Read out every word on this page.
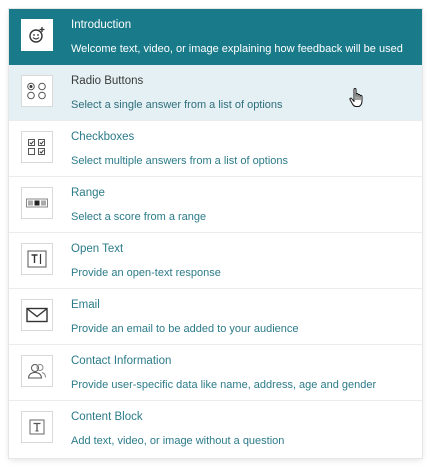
Introduction
Welcome text, video, or image explaining how feedback will be used
Radio Buttons
Select a single answer from a list of options
Checkboxes
Select multiple answers from a list of options
Range
Select a score from a range
Open Text
Provide an open-text response
Email
Provide an email to be added to your audience
Contact Information
Provide user-specific data like name, address, age and gender
Content Block
Add text, video, or image without a question
